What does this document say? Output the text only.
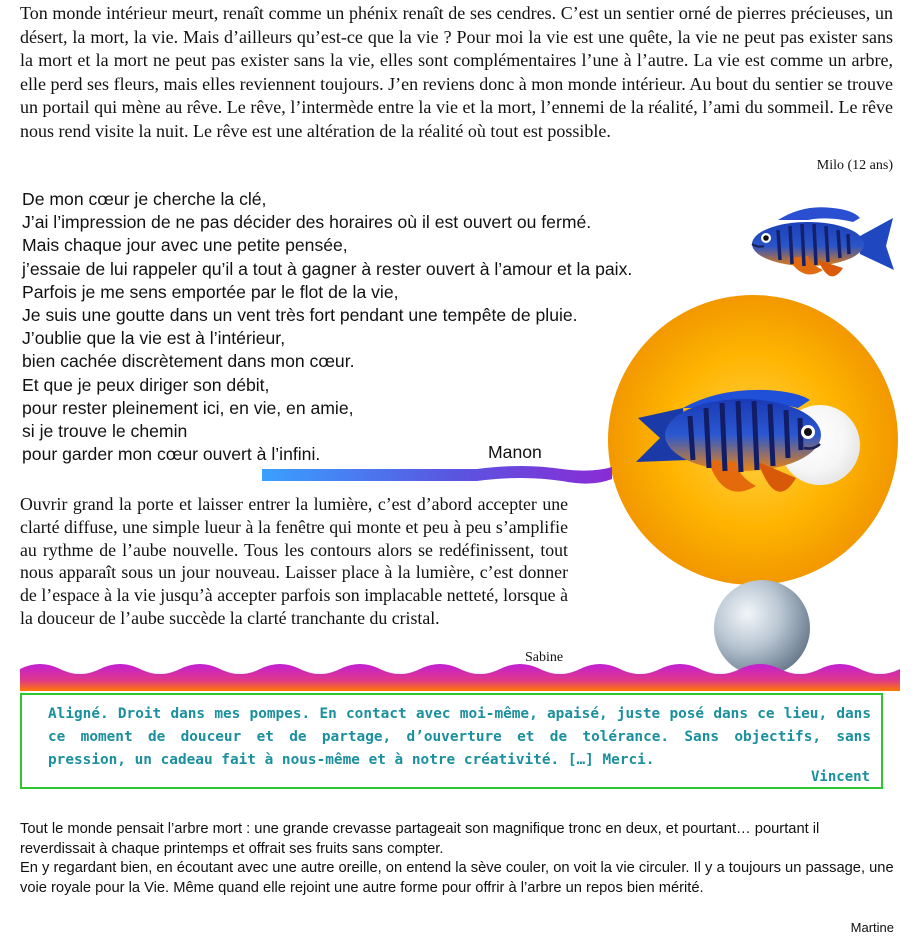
Ton monde intérieur meurt, renaît comme un phénix renaît de ses cendres. C’est un sentier orné de pierres précieuses, un désert, la mort, la vie. Mais d’ailleurs qu’est-ce que la vie ? Pour moi la vie est une quête, la vie ne peut pas exister sans la mort et la mort ne peut pas exister sans la vie, elles sont complémentaires l’une à l’autre. La vie est comme un arbre, elle perd ses fleurs, mais elles reviennent toujours. J’en reviens donc à mon monde intérieur. Au bout du sentier se trouve un portail qui mène au rêve. Le rêve, l’intermède entre la vie et la mort, l’ennemi de la réalité, l’ami du sommeil. Le rêve nous rend visite la nuit. Le rêve est une altération de la réalité où tout est possible.
Milo (12 ans)
De mon cœur je cherche la clé,
J’ai l’impression de ne pas décider des horaires où il est ouvert ou fermé.
Mais chaque jour avec une petite pensée,
j’essaie de lui rappeler qu’il a tout à gagner à rester ouvert à l’amour et la paix.
Parfois je me sens emportée par le flot de la vie,
Je suis une goutte dans un vent très fort pendant une tempête de pluie.
J’oublie que la vie est à l’intérieur,
bien cachée discrètement dans mon cœur.
Et que je peux diriger son débit,
pour rester pleinement ici, en vie, en amie,
si je trouve le chemin
pour garder mon cœur ouvert à l’infini.	Manon
Ouvrir grand la porte et laisser entrer la lumière, c’est d’abord accepter une clarté diffuse, une simple lueur à la fenêtre qui monte et peu à peu s’amplifie au rythme de l’aube nouvelle. Tous les contours alors se redéfinissent, tout nous apparaît sous un jour nouveau. Laisser place à la lumière, c’est donner de l’espace à la vie jusqu’à accepter parfois son implacable netteté, lorsque à la douceur de l’aube succède la clarté tranchante du cristal.
Sabine
Aligné. Droit dans mes pompes. En contact avec moi-même, apaisé, juste posé dans ce lieu, dans ce moment de douceur et de partage, d’ouverture et de tolérance. Sans objectifs, sans pression, un cadeau fait à nous-même et à notre créativité. […] Merci.
Vincent

Tout le monde pensait l’arbre mort : une grande crevasse partageait son magnifique tronc en deux, et pourtant… pourtant il reverdissait à chaque printemps et offrait ses fruits sans compter.

En y regardant bien, en écoutant avec une autre oreille, on entend la sève couler, on voit la vie circuler. Il y a toujours un passage, une voie royale pour la Vie. Même quand elle rejoint une autre forme pour offrir à l’arbre un repos bien mérité.

Martine
